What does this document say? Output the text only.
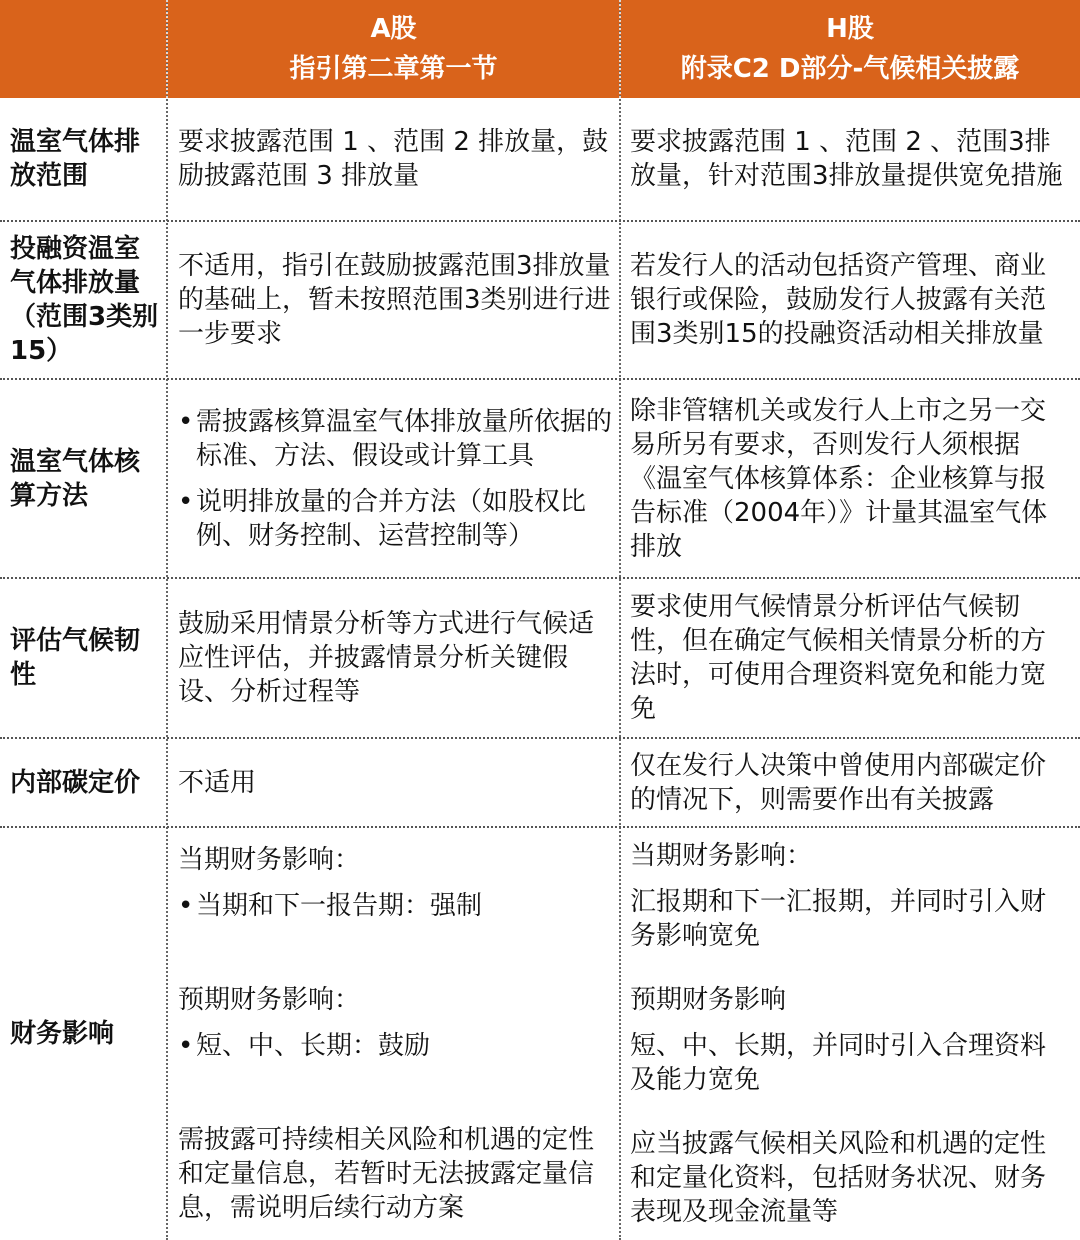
A股
指引第二章第一节
H股
附录C2 D部分-气候相关披露
温室气体排放范围

要求披露范围 1 、范围 2 排放量，鼓励披露范围 3 排放量

要求披露范围 1 、范围 2 、范围3排放量，针对范围3排放量提供宽免措施

投融资温室气体排放量（范围3类别15）

不适用，指引在鼓励披露范围3排放量的基础上，暂未按照范围3类别进行进一步要求

若发行人的活动包括资产管理、商业银行或保险，鼓励发行人披露有关范围3类别15的投融资活动相关排放量

温室气体核算方法
• 需披露核算温室气体排放量所依据的标准、方法、假设或计算工具
• 说明排放量的合并方法（如股权比例、财务控制、运营控制等）

除非管辖机关或发行人上市之另一交易所另有要求，否则发行人须根据《温室气体核算体系：企业核算与报告标准（2004年）》计量其温室气体排放

评估气候韧性

鼓励采用情景分析等方式进行气候适应性评估，并披露情景分析关键假设、分析过程等

要求使用气候情景分析评估气候韧性，但在确定气候相关情景分析的方法时，可使用合理资料宽免和能力宽免

内部碳定价	不适用

仅在发行人决策中曾使用内部碳定价的情况下，则需要作出有关披露

财务影响

当期财务影响：

• 当期和下一报告期：强制

预期财务影响：

• 短、中、长期：鼓励

需披露可持续相关风险和机遇的定性和定量信息，若暂时无法披露定量信息，需说明后续行动方案

当期财务影响：

汇报期和下一汇报期，并同时引入财务影响宽免

预期财务影响

短、中、长期，并同时引入合理资料及能力宽免

应当披露气候相关风险和机遇的定性和定量化资料，包括财务状况、财务表现及现金流量等
